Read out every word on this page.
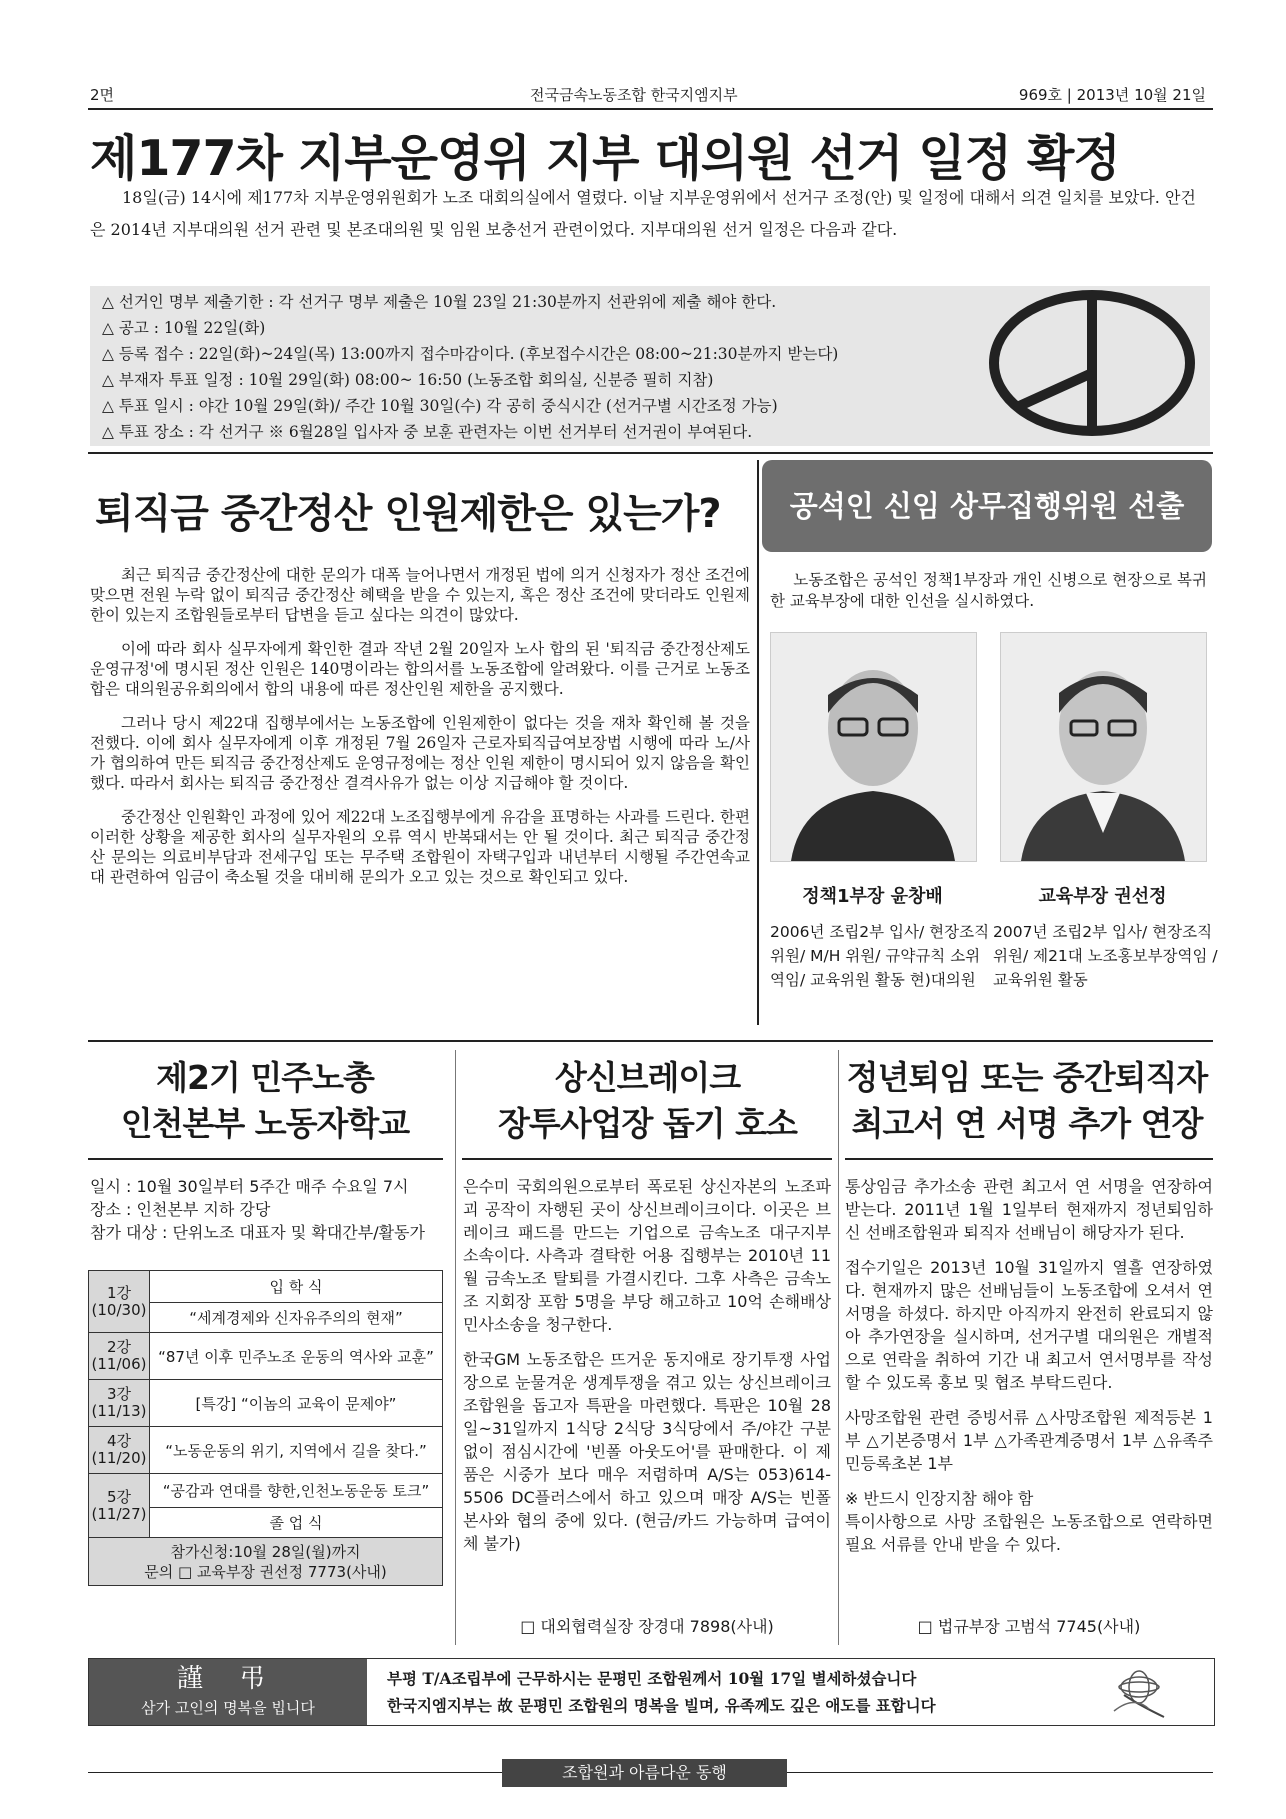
2면	전국금속노동조합 한국지엠지부	969호 | 2013년 10월 21일
제177차 지부운영위 지부 대의원 선거 일정 확정

18일(금) 14시에 제177차 지부운영위원회가 노조 대회의실에서 열렸다. 이날 지부운영위에서 선거구 조정(안) 및 일정에 대해서 의견 일치를 보았다. 안건은 2014년 지부대의원 선거 관련 및 본조대의원 및 임원 보충선거 관련이었다. 지부대의원 선거 일정은 다음과 같다.

△ 선거인 명부 제출기한 : 각 선거구 명부 제출은 10월 23일 21:30분까지 선관위에 제출 해야 한다.
△ 공고 : 10월 22일(화)
△ 등록 접수 : 22일(화)~24일(목) 13:00까지 접수마감이다. (후보접수시간은 08:00~21:30분까지 받는다)
△ 부재자 투표 일정 : 10월 29일(화) 08:00~ 16:50 (노동조합 회의실, 신분증 필히 지참)
△ 투표 일시 : 야간 10월 29일(화)/ 주간 10월 30일(수) 각 공히 중식시간 (선거구별 시간조정 가능)
△ 투표 장소 : 각 선거구 ※ 6월28일 입사자 중 보훈 관련자는 이번 선거부터 선거권이 부여된다.
퇴직금 중간정산 인원제한은 있는가?

최근 퇴직금 중간정산에 대한 문의가 대폭 늘어나면서 개정된 법에 의거 신청자가 정산 조건에 맞으면 전원 누락 없이 퇴직금 중간정산 혜택을 받을 수 있는지, 혹은 정산 조건에 맞더라도 인원제한이 있는지 조합원들로부터 답변을 듣고 싶다는 의견이 많았다.

이에 따라 회사 실무자에게 확인한 결과 작년 2월 20일자 노사 합의 된 '퇴직금 중간정산제도 운영규정'에 명시된 정산 인원은 140명이라는 합의서를 노동조합에 알려왔다. 이를 근거로 노동조합은 대의원공유회의에서 합의 내용에 따른 정산인원 제한을 공지했다.

그러나 당시 제22대 집행부에서는 노동조합에 인원제한이 없다는 것을 재차 확인해 볼 것을 전했다. 이에 회사 실무자에게 이후 개정된 7월 26일자 근로자퇴직급여보장법 시행에 따라 노/사가 협의하여 만든 퇴직금 중간정산제도 운영규정에는 정산 인원 제한이 명시되어 있지 않음을 확인했다. 따라서 회사는 퇴직금 중간정산 결격사유가 없는 이상 지급해야 할 것이다.

중간정산 인원확인 과정에 있어 제22대 노조집행부에게 유감을 표명하는 사과를 드린다. 한편 이러한 상황을 제공한 회사의 실무자원의 오류 역시 반복돼서는 안 될 것이다. 최근 퇴직금 중간정산 문의는 의료비부담과 전세구입 또는 무주택 조합원이 자택구입과 내년부터 시행될 주간연속교대 관련하여 임금이 축소될 것을 대비해 문의가 오고 있는 것으로 확인되고 있다.

공석인 신임 상무집행위원 선출

노동조합은 공석인 정책1부장과 개인 신병으로 현장으로 복귀한 교육부장에 대한 인선을 실시하였다.

정책1부장 윤창배	교육부장 권선정
2006년 조립2부 입사/ 현장조직위원/ M/H 위원/ 규약규칙 소위 역임/ 교육위원 활동 현)대의원
2007년 조립2부 입사/ 현장조직위원/ 제21대 노조홍보부장역임 /교육위원 활동
제2기 민주노총
인천본부 노동자학교
일시 : 10월 30일부터 5주간 매주 수요일 7시
장소 : 인천본부 지하 강당
참가 대상 : 단위노조 대표자 및 확대간부/활동가
1강
(10/30)	입 학 식
	“세계경제와 신자유주의의 현재”
2강
(11/06)	“87년 이후 민주노조 운동의 역사와 교훈”
3강
(11/13)	[특강] “이놈의 교육이 문제야”
4강
(11/20)	“노동운동의 위기, 지역에서 길을 찾다.”
5강
(11/27)	“공감과 연대를 향한,인천노동운동 토크”
	졸 업 식

참가신청:10월 28일(월)까지
문의 □ 교육부장 권선정 7773(사내)	
상신브레이크
장투사업장 돕기 호소

은수미 국회의원으로부터 폭로된 상신자본의 노조파괴 공작이 자행된 곳이 상신브레이크이다. 이곳은 브레이크 패드를 만드는 기업으로 금속노조 대구지부 소속이다. 사측과 결탁한 어용 집행부는 2010년 11월 금속노조 탈퇴를 가결시킨다. 그후 사측은 금속노조 지회장 포함 5명을 부당 해고하고 10억 손해배상 민사소송을 청구한다.

한국GM 노동조합은 뜨거운 동지애로 장기투쟁 사업장으로 눈물겨운 생계투쟁을 겪고 있는 상신브레이크 조합원을 돕고자 특판을 마련했다. 특판은 10월 28일~31일까지 1식당 2식당 3식당에서 주/야간 구분 없이 점심시간에 '빈폴 아웃도어'를 판매한다. 이 제품은 시중가 보다 매우 저렴하며 A/S는 053)614-5506 DC플러스에서 하고 있으며 매장 A/S는 빈폴 본사와 협의 중에 있다. (현금/카드 가능하며 급여이체 불가)

□ 대외협력실장 장경대 7898(사내)
정년퇴임 또는 중간퇴직자
최고서 연 서명 추가 연장

통상임금 추가소송 관련 최고서 연 서명을 연장하여 받는다. 2011년 1월 1일부터 현재까지 정년퇴임하신 선배조합원과 퇴직자 선배님이 해당자가 된다.

접수기일은 2013년 10월 31일까지 열흘 연장하였다. 현재까지 많은 선배님들이 노동조합에 오셔서 연 서명을 하셨다. 하지만 아직까지 완전히 완료되지 않아 추가연장을 실시하며, 선거구별 대의원은 개별적으로 연락을 취하여 기간 내 최고서 연서명부를 작성할 수 있도록 홍보 및 협조 부탁드린다.

사망조합원 관련 증빙서류 △사망조합원 제적등본 1부 △기본증명서 1부 △가족관계증명서 1부 △유족주민등록초본 1부

※ 반드시 인장지참 해야 함
특이사항으로 사망 조합원은 노동조합으로 연락하면 필요 서류를 안내 받을 수 있다.

□ 법규부장 고범석 7745(사내)
謹 弔
삼가 고인의 명복을 빕니다
부평 T/A조립부에 근무하시는 문평민 조합원께서 10월 17일 별세하셨습니다
한국지엠지부는 故 문평민 조합원의 명복을 빌며, 유족께도 깊은 애도를 표합니다
조합원과 아름다운 동행
